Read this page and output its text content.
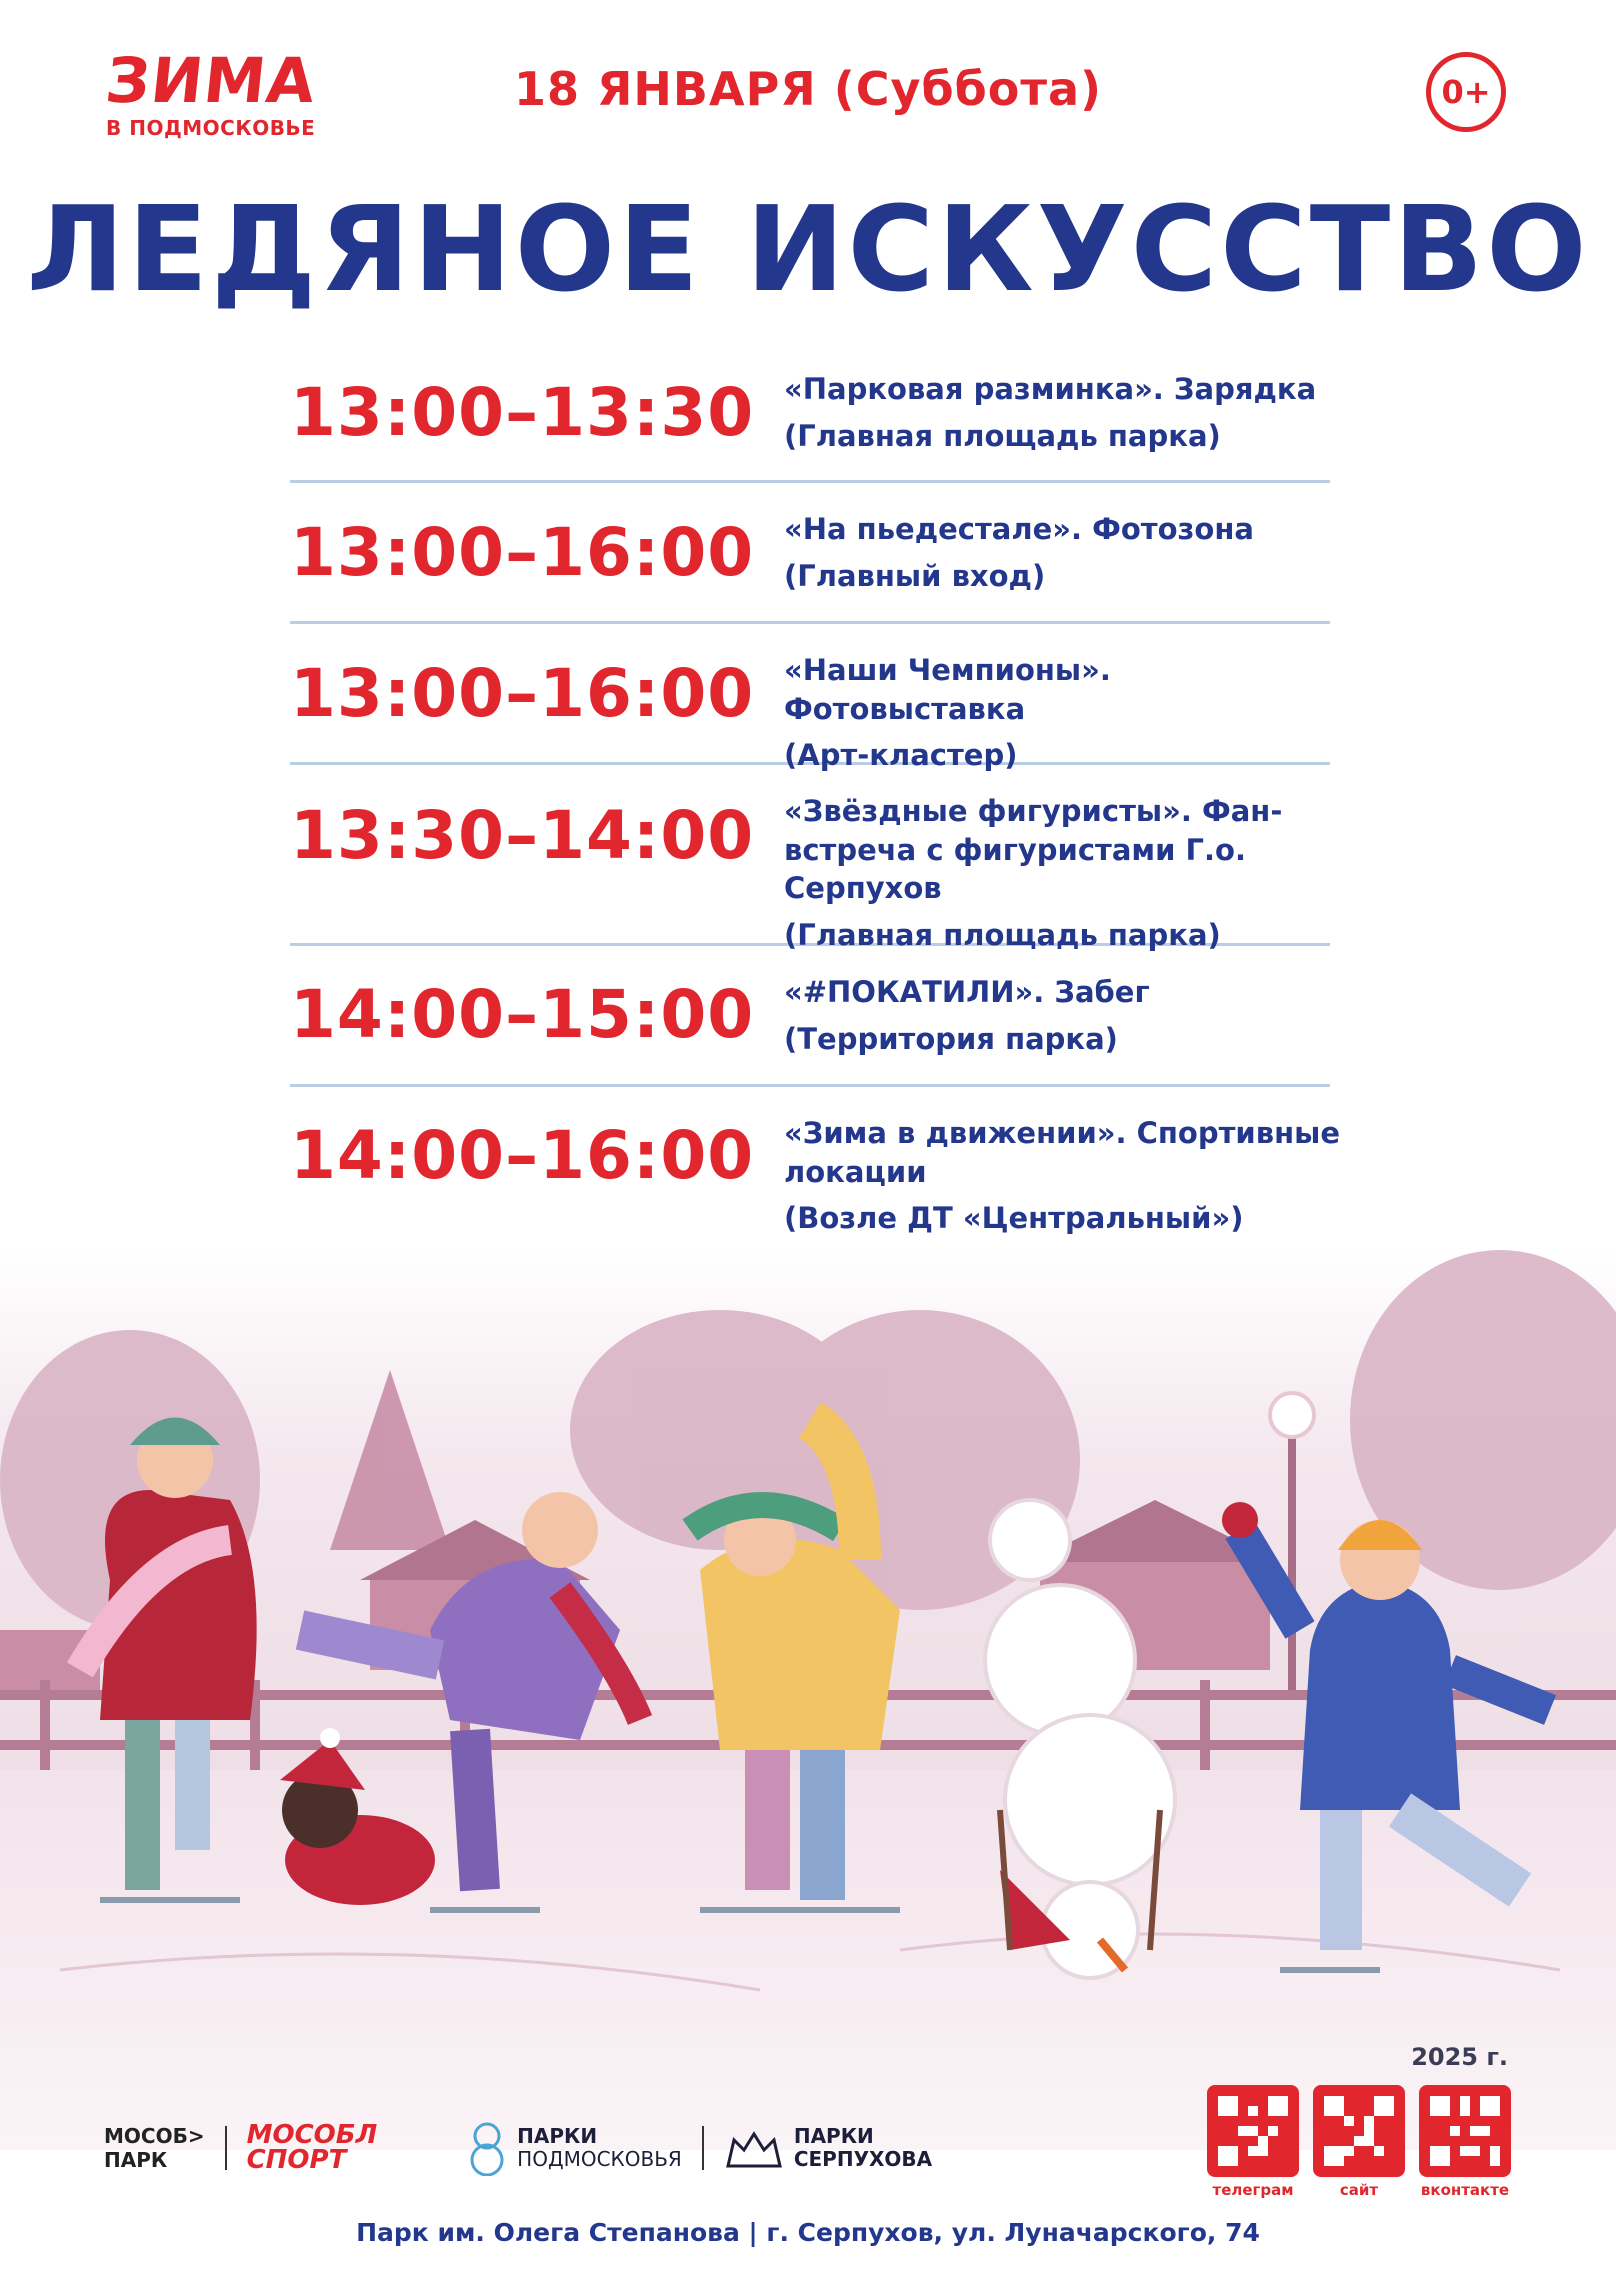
ЗИМА
В ПОДМОСКОВЬЕ
18 ЯНВАРЯ (Суббота)	0+
ЛЕДЯНОЕ ИСКУССТВО
13:00–13:30	«Парковая разминка». Зарядка
(Главная площадь парка)
13:00–16:00	«На пьедестале». Фотозона
(Главный вход)
13:00–16:00	«Наши Чемпионы». Фотовыставка
(Арт-кластер)
13:30–14:00	«Звёздные фигуристы». Фан-встреча с фигуристами Г.о. Серпухов
(Главная площадь парка)
14:00–15:00	«#ПОКАТИЛИ». Забег
(Территория парка)
14:00–16:00	«Зима в движении». Спортивные локации
(Возле ДТ «Центральный»)
2025 г.
МОСОБ>
ПАРК
МОСОБЛ
СПОРТ
ПАРКИ
ПОДМОСКОВЬЯ
ПАРКИ
СЕРПУХОВА
телеграм	сайт	вконтакте
Парк им. Олега Степанова | г. Серпухов, ул. Луначарского, 74
